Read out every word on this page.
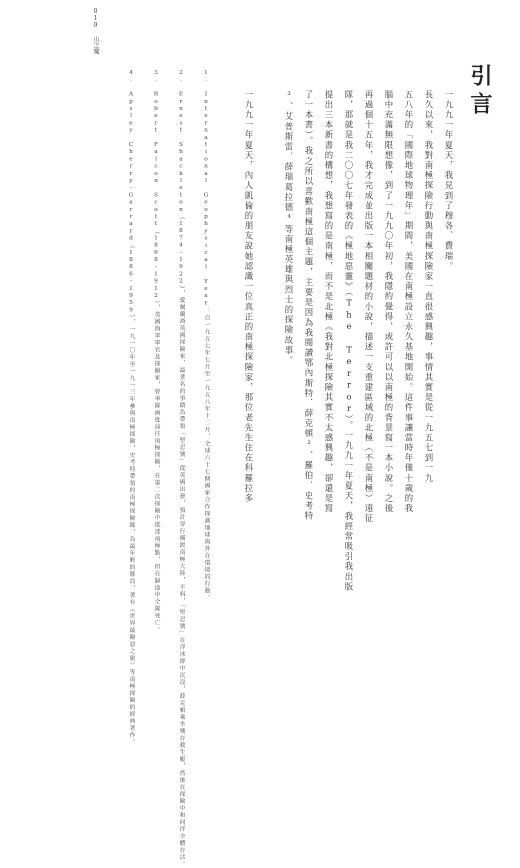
019 山之魔
引言
一九九一年夏天，我見到了穆各．費瑞。
長久以來，我對南極探險行動與南極探險家一直很感興趣，事情其實是從一九五七到一九
五八年的「國際地球物理年」期間，美國在南極設立永久基地開始。這件事讓當時年僅十歲的我
腦中充滿無限想像，到了一九九〇年初，我隱約覺得，或許可以以南極的背景寫一本小說。之後
再過個十五年，我才完成並出版一本相關題材的小說，描述一支重建區域的北極（不是南極）遠征
隊，那就是我二〇〇七年發表的《極地惡靈》（The Terror）。一九九一年夏天，我經常吸引我出版
提出三本新書的構想，我想寫的是南極，而不是北極《我對北極探險其實不太感興趣，卻還是寫
了一本書）。我之所以喜歡南極這個主題，主要是因為我閱讀鄂內斯特．薛克頓²、羅伯．史考特
³、艾普斯雷．薛瑞葛拉德⁴等南極英雄與烈士的探險故事。
一九九一年夏天，內人凱倫的朋友說她認識一位真正的南極探險家，那位老先生住在科羅拉多
1. International Geophysical Year：自一九五七年七月至一九五八年十二月，全球六十七個國家合作探測地球與外在環境的行動。
2. Ernest Shackleton（1874-1922），愛爾蘭裔英國探險家，最著名的事蹟為帶領「堅忍號」從英國出發，預計穿行橫渡南極大陸，不料，「堅忍號」在浮冰群中沉沒，薛克頓乘坐殘存救生艇，然後在探險中和同伴全體存活。
3. Robert Falcon Scott（1868-1912），英國海軍軍官及探險家，曾率隊兩度前往南極探險，在第二次探險中抵達南極點，但在歸途中全隊死亡。
4. Apsley Cherry-Garrard（1886-1959），一九一〇年至一九一三年參與南極探險，史考特帶領的南極探險隊，為最年輕的隊員，著有《世界最險惡之旅》等南極探險的經典著作。
